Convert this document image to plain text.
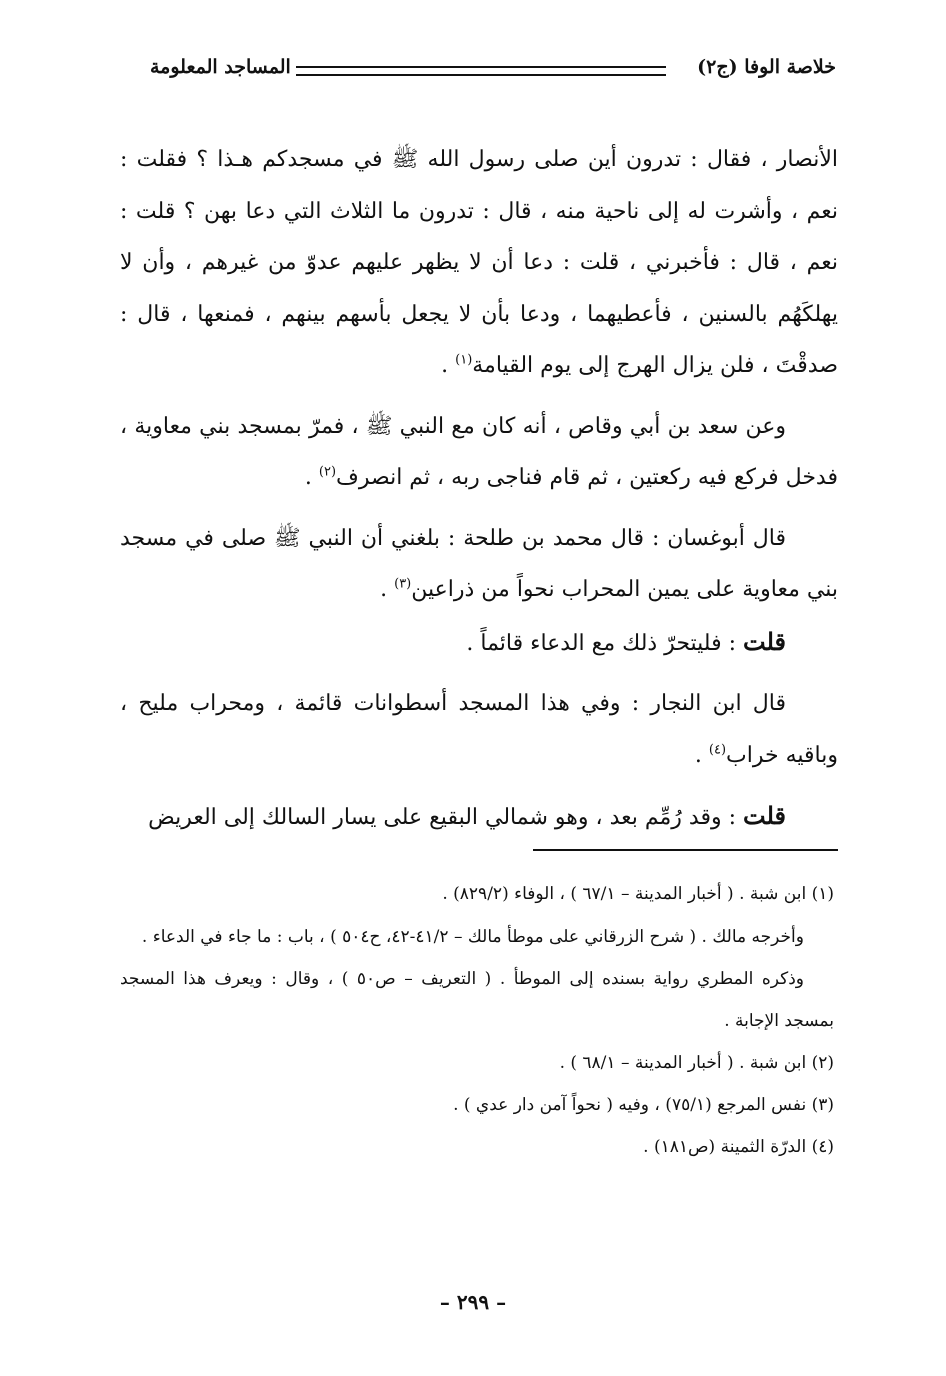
خلاصة الوفا (ج٢)
المساجد المعلومة

الأنصار ، فقال : تدرون أين صلى رسول الله ﷺ في مسجدكم هـذا ؟ فقلت : نعم ، وأشرت له إلى ناحية منه ، قال : تدرون ما الثلاث التي دعا بهن ؟ قلت : نعم ، قال : فأخبرني ، قلت : دعا أن لا يظهر عليهم عدوّ من غيرهم ، وأن لا يهلكَهُم بالسنين ، فأعطيهما ، ودعا بأن لا يجعل بأسهم بينهم ، فمنعها ، قال : صدقْتَ ، فلن يزال الهرج إلى يوم القيامة$^{(١)}$ .

وعن سعد بن أبي وقاص ، أنه كان مع النبي ﷺ ، فمرّ بمسجد بني معاوية ، فدخل فركع فيه ركعتين ، ثم قام فناجى ربه ، ثم انصرف$^{(٢)}$ .

قال أبوغسان : قال محمد بن طلحة : بلغني أن النبي ﷺ صلى في مسجد بني معاوية على يمين المحراب نحواً من ذراعين$^{(٣)}$ .

قلت : فليتحرّ ذلك مع الدعاء قائماً .

قال ابن النجار : وفي هذا المسجد أسطوانات قائمة ، ومحراب مليح ، وباقيه خراب$^{(٤)}$ .

قلت : وقد رُمِّم بعد ، وهو شمالي البقيع على يسار السالك إلى العريض

(١) ابن شبة . ( أخبار المدينة – ٦٧/١ ) ، الوفاء (٨٢٩/٢) .

وأخرجه مالك . ( شرح الزرقاني على موطأ مالك – ٤١/٢-٤٢، ح٥٠٤ ) ، باب : ما جاء في الدعاء .

وذكره المطري رواية بسنده إلى الموطأ . ( التعريف – ص٥٠ ) ، وقال : ويعرف هذا المسجد بمسجد الإجابة .

(٢) ابن شبة . ( أخبار المدينة – ٦٨/١ ) .

(٣) نفس المرجع (٧٥/١) ، وفيه ( نحواً آمن دار عدي ) .

(٤) الدرّة الثمينة (ص١٨١) .

– ٢٩٩ –
